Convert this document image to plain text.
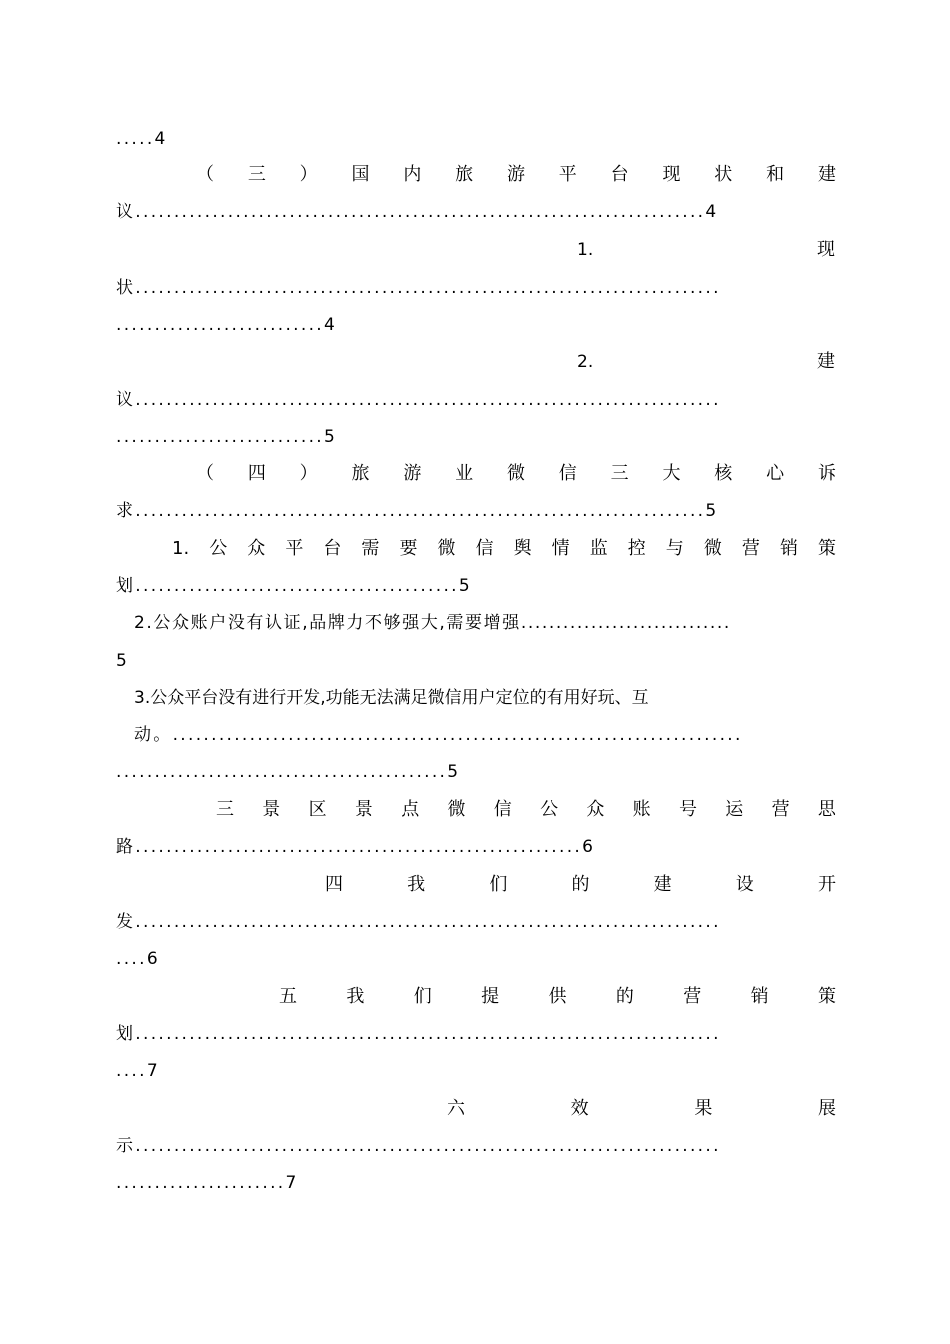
.....4
（ 三 ） 国 内 旅 游 平 台 现 状 和 建
议..........................................................................4
1.	现
状............................................................................
...........................4
2.	建
议............................................................................
...........................5
（ 四 ） 旅 游 业 微 信 三 大 核 心 诉
求..........................................................................5
1. 公 众 平 台 需 要 微 信 舆 情 监 控 与 微 营 销 策
划..........................................5
2.公众账户没有认证,品牌力不够强大,需要增强..............................
5
3.公众平台没有进行开发,功能无法满足微信用户定位的有用好玩、互
动。..........................................................................
...........................................5
三 景 区 景 点 微 信 公 众 账 号 运 营 思
路..........................................................6
四	我	们	的	建	设	开
发............................................................................
....6
五	我	们	提	供	的	营	销	策
划............................................................................
....7
六	效	果	展
示............................................................................
......................7
